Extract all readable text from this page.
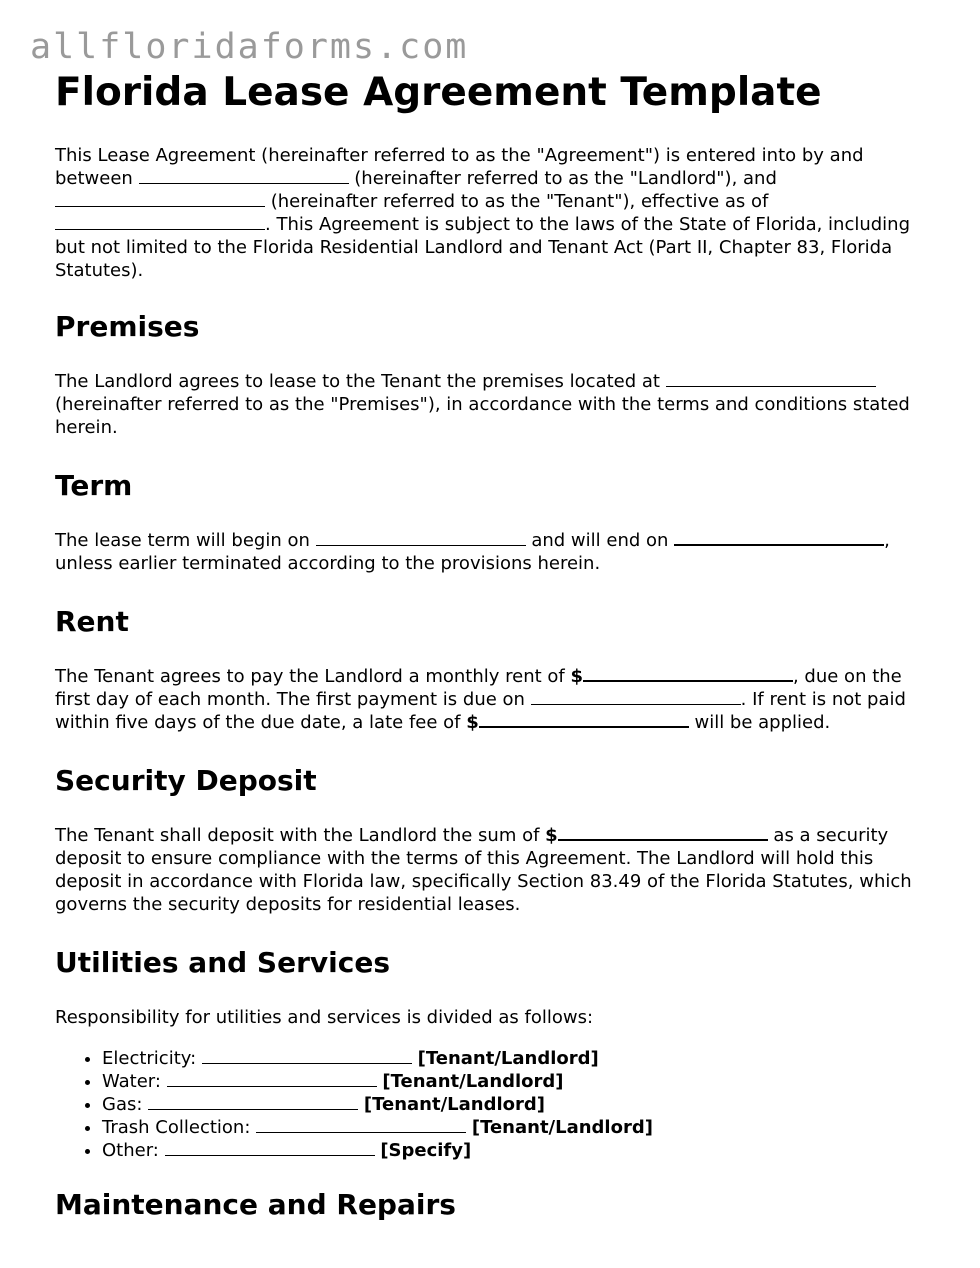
allfloridaforms.com
Florida Lease Agreement Template

This Lease Agreement (hereinafter referred to as the "Agreement") is entered into by and between	(hereinafter referred to as the "Landlord"), and  (hereinafter referred to as the "Tenant"), effective as of . This Agreement is subject to the laws of the State of Florida, including but not limited to the Florida Residential Landlord and Tenant Act (Part II, Chapter 83, Florida Statutes).

Premises

The Landlord agrees to lease to the Tenant the premises located at  (hereinafter referred to as the "Premises"), in accordance with the terms and conditions stated herein.

Term

The lease term will begin on	and will end on	, unless earlier terminated according to the provisions herein.

Rent

The Tenant agrees to pay the Landlord a monthly rent of $	, due on the first day of each month. The first payment is due on	. If rent is not paid within five days of the due date, a late fee of $	will be applied.

Security Deposit

The Tenant shall deposit with the Landlord the sum of $	as a security deposit to ensure compliance with the terms of this Agreement. The Landlord will hold this deposit in accordance with Florida law, specifically Section 83.49 of the Florida Statutes, which governs the security deposits for residential leases.

Utilities and Services

Responsibility for utilities and services is divided as follows:

• Electricity:	[Tenant/Landlord]
• Water:	[Tenant/Landlord]
• Gas:	[Tenant/Landlord]
• Trash Collection:	[Tenant/Landlord]
• Other:	[Specify]
Maintenance and Repairs
